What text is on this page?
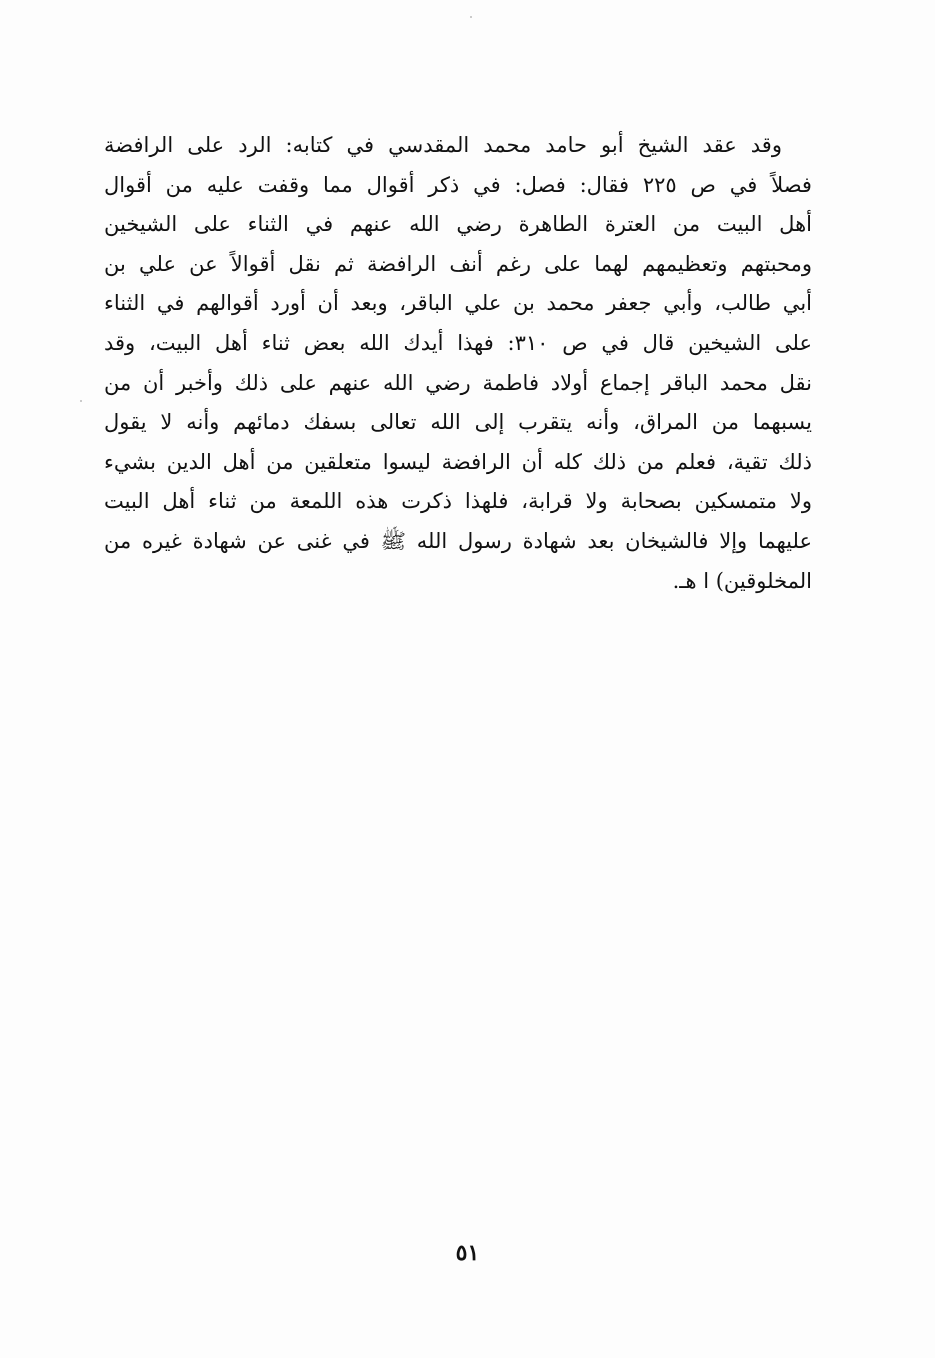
وقد عقد الشيخ أبو حامد محمد المقدسي في كتابه: الرد على الرافضة
فصلاً في ص ٢٢٥ فقال: فصل: في ذكر أقوال مما وقفت عليه من أقوال
أهل البيت من العترة الطاهرة رضي الله عنهم في الثناء على الشيخين
ومحبتهم وتعظيمهم لهما على رغم أنف الرافضة ثم نقل أقوالاً عن علي بن
أبي طالب، وأبي جعفر محمد بن علي الباقر، وبعد أن أورد أقوالهم في الثناء
على الشيخين قال في ص ٣١٠: فهذا أيدك الله بعض ثناء أهل البيت، وقد
نقل محمد الباقر إجماع أولاد فاطمة رضي الله عنهم على ذلك وأخبر أن من
يسبهما من المراق، وأنه يتقرب إلى الله تعالى بسفك دمائهم وأنه لا يقول
ذلك تقية، فعلم من ذلك كله أن الرافضة ليسوا متعلقين من أهل الدين بشيء
ولا متمسكين بصحابة ولا قرابة، فلهذا ذكرت هذه اللمعة من ثناء أهل البيت
عليهما وإلا فالشيخان بعد شهادة رسول الله ﷺ في غنى عن شهادة غيره من
المخلوقين) ا هـ.
٥١
